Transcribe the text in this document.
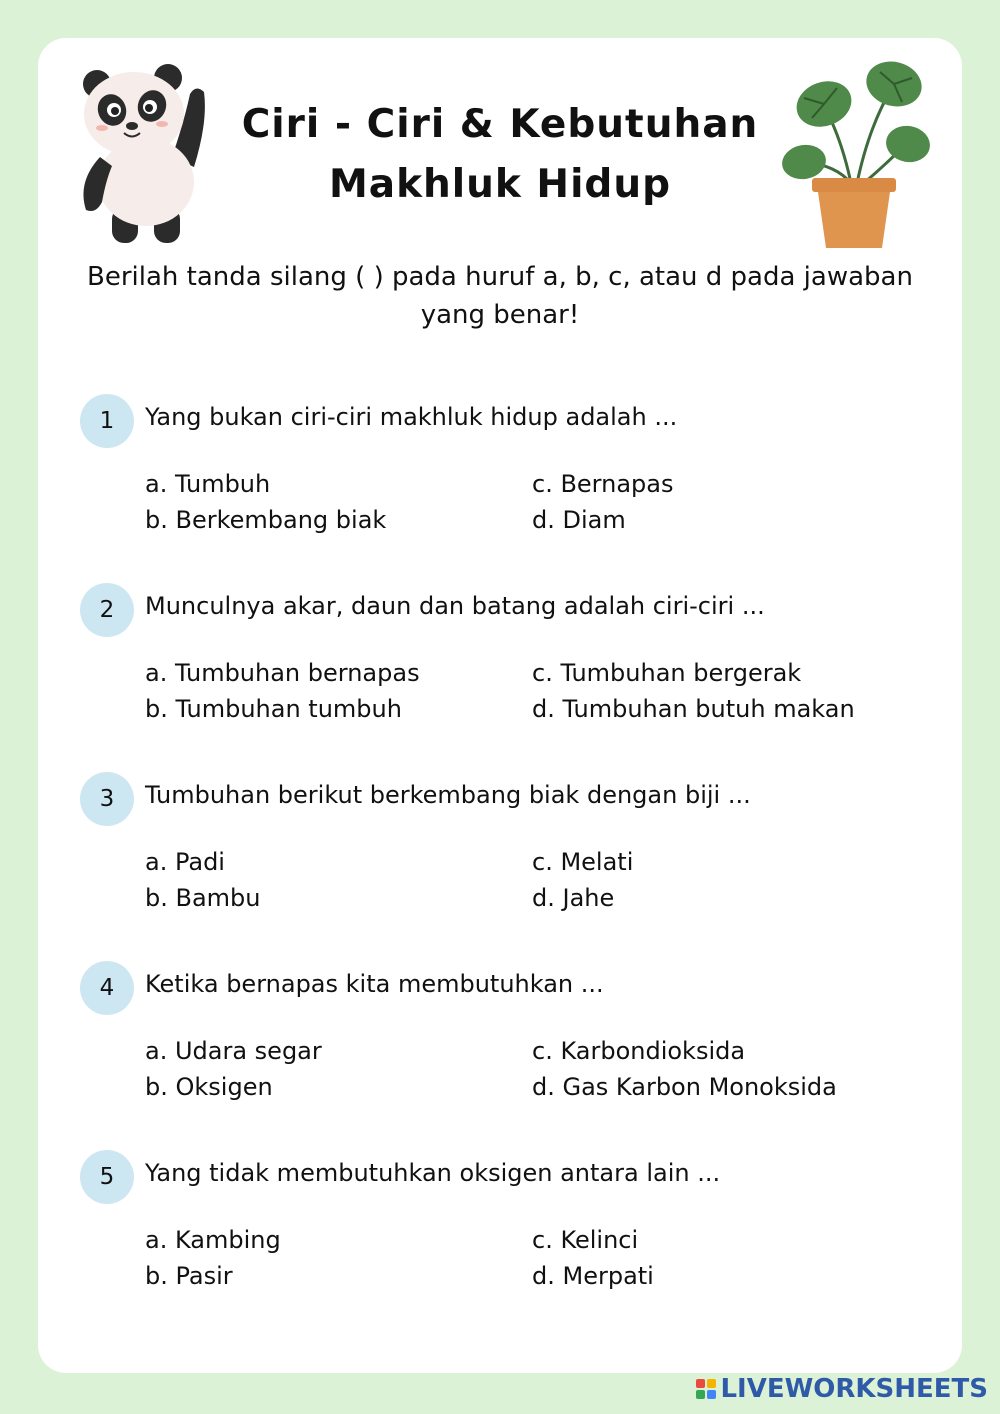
Ciri - Ciri & Kebutuhan
Makhluk Hidup
Berilah tanda silang ( ) pada huruf a, b, c, atau d pada jawaban yang benar!
1	Yang bukan ciri-ciri makhluk hidup adalah ...
a. Tumbuh
b. Berkembang biak
c. Bernapas
d. Diam
2	Munculnya akar, daun dan batang adalah ciri-ciri ...
a. Tumbuhan bernapas
b. Tumbuhan tumbuh
c. Tumbuhan bergerak
d. Tumbuhan butuh makan
3	Tumbuhan berikut berkembang biak dengan biji ...
a. Padi
b. Bambu
c. Melati
d. Jahe
4	Ketika bernapas kita membutuhkan ...
a. Udara segar
b. Oksigen
c. Karbondioksida
d. Gas Karbon Monoksida
5	Yang tidak membutuhkan oksigen antara lain ...
a. Kambing
b. Pasir
c. Kelinci
d. Merpati
LIVEWORKSHEETS
